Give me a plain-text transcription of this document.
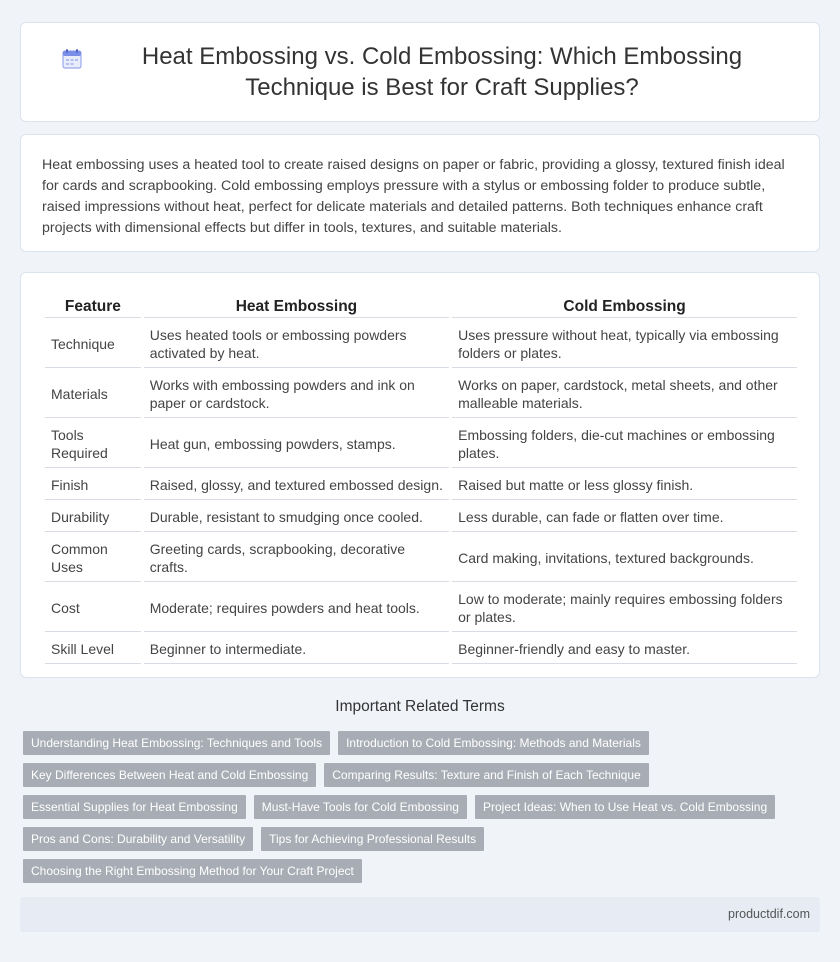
Heat Embossing vs. Cold Embossing: Which Embossing Technique is Best for Craft Supplies?

Heat embossing uses a heated tool to create raised designs on paper or fabric, providing a glossy, textured finish ideal for cards and scrapbooking. Cold embossing employs pressure with a stylus or embossing folder to produce subtle, raised impressions without heat, perfect for delicate materials and detailed patterns. Both techniques enhance craft projects with dimensional effects but differ in tools, textures, and suitable materials.

Feature	Heat Embossing	Cold Embossing
Technique	Uses heated tools or embossing powders activated by heat.	Uses pressure without heat, typically via embossing folders or plates.
Materials	Works with embossing powders and ink on paper or cardstock.	Works on paper, cardstock, metal sheets, and other malleable materials.
Tools Required	Heat gun, embossing powders, stamps.	Embossing folders, die-cut machines or embossing plates.
Finish	Raised, glossy, and textured embossed design.	Raised but matte or less glossy finish.
Durability	Durable, resistant to smudging once cooled.	Less durable, can fade or flatten over time.
Common Uses	Greeting cards, scrapbooking, decorative crafts.	Card making, invitations, textured backgrounds.
Cost	Moderate; requires powders and heat tools.	Low to moderate; mainly requires embossing folders or plates.
Skill Level	Beginner to intermediate.	Beginner-friendly and easy to master.
Important Related Terms
Understanding Heat Embossing: Techniques and Tools	Introduction to Cold Embossing: Methods and Materials
Key Differences Between Heat and Cold Embossing	Comparing Results: Texture and Finish of Each Technique
Essential Supplies for Heat Embossing	Must-Have Tools for Cold Embossing	Project Ideas: When to Use Heat vs. Cold Embossing
Pros and Cons: Durability and Versatility	Tips for Achieving Professional Results
Choosing the Right Embossing Method for Your Craft Project
productdif.com
